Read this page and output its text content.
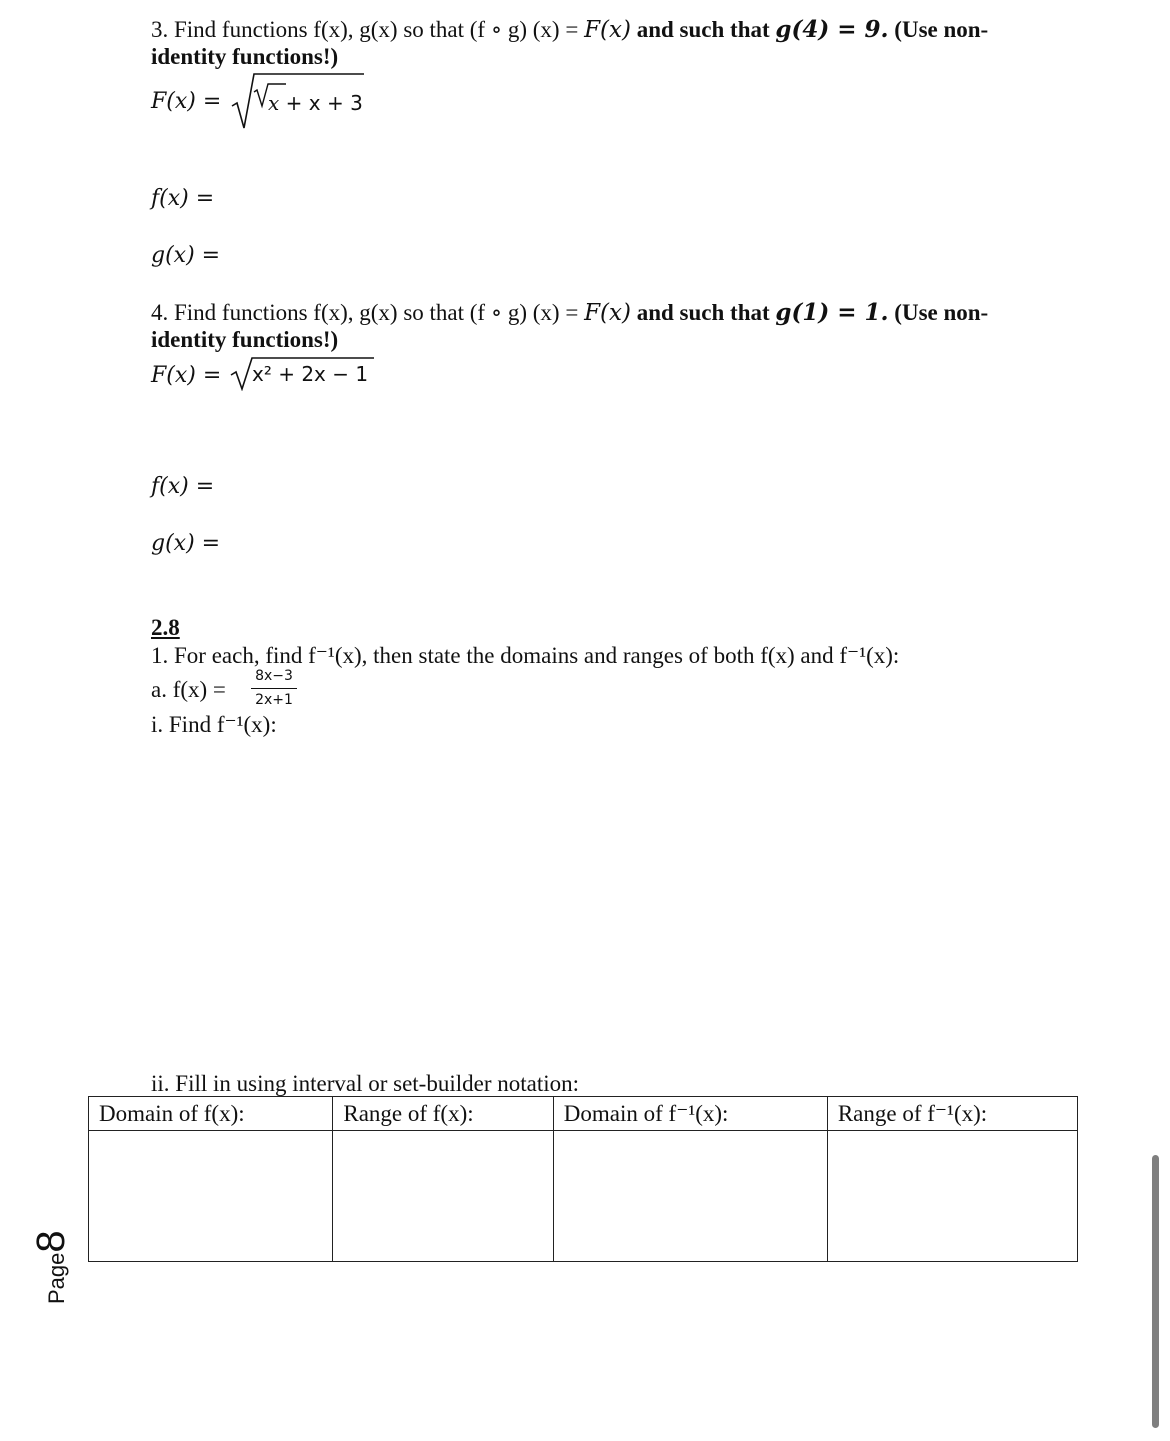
3. Find functions f(x), g(x) so that (f ∘ g) (x) = F(x) and such that g(4) = 9. (Use non-
identity functions!)
F(x) = x + x + 3
f(x) =
g(x) =
4. Find functions f(x), g(x) so that (f ∘ g) (x) = F(x) and such that g(1) = 1. (Use non-
identity functions!)
F(x) = x² + 2x − 1
f(x) =
g(x) =
2.8
1. For each, find f⁻¹(x), then state the domains and ranges of both f(x) and f⁻¹(x):
a. f(x) =
8x−3
2x+1
i. Find f⁻¹(x):
ii. Fill in using interval or set-builder notation:
Domain of f(x):	Range of f(x):	Domain of f⁻¹(x):	Range of f⁻¹(x):

Page8
